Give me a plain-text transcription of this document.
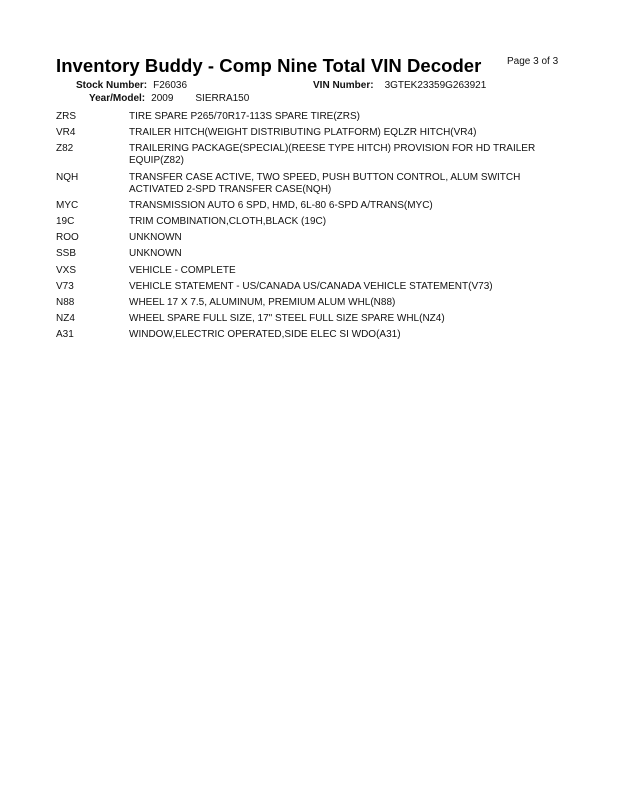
Inventory Buddy - Comp Nine Total VIN Decoder	Page 3 of 3
Stock Number: F26036	VIN Number: 3GTEK23359G263921
Year/Model: 2009 SIERRA150
ZRS	TIRE SPARE P265/70R17-113S SPARE TIRE(ZRS)
VR4	TRAILER HITCH(WEIGHT DISTRIBUTING PLATFORM) EQLZR HITCH(VR4)
Z82	TRAILERING PACKAGE(SPECIAL)(REESE TYPE HITCH) PROVISION FOR HD TRAILER
EQUIP(Z82)
NQH	TRANSFER CASE ACTIVE, TWO SPEED, PUSH BUTTON CONTROL, ALUM SWITCH
ACTIVATED 2-SPD TRANSFER CASE(NQH)
MYC	TRANSMISSION AUTO 6 SPD, HMD, 6L-80 6-SPD A/TRANS(MYC)
19C	TRIM COMBINATION,CLOTH,BLACK (19C)
ROO	UNKNOWN
SSB	UNKNOWN
VXS	VEHICLE - COMPLETE
V73	VEHICLE STATEMENT - US/CANADA US/CANADA VEHICLE STATEMENT(V73)
N88	WHEEL 17 X 7.5, ALUMINUM, PREMIUM ALUM WHL(N88)
NZ4	WHEEL SPARE FULL SIZE, 17" STEEL FULL SIZE SPARE WHL(NZ4)
A31	WINDOW,ELECTRIC OPERATED,SIDE ELEC SI WDO(A31)
